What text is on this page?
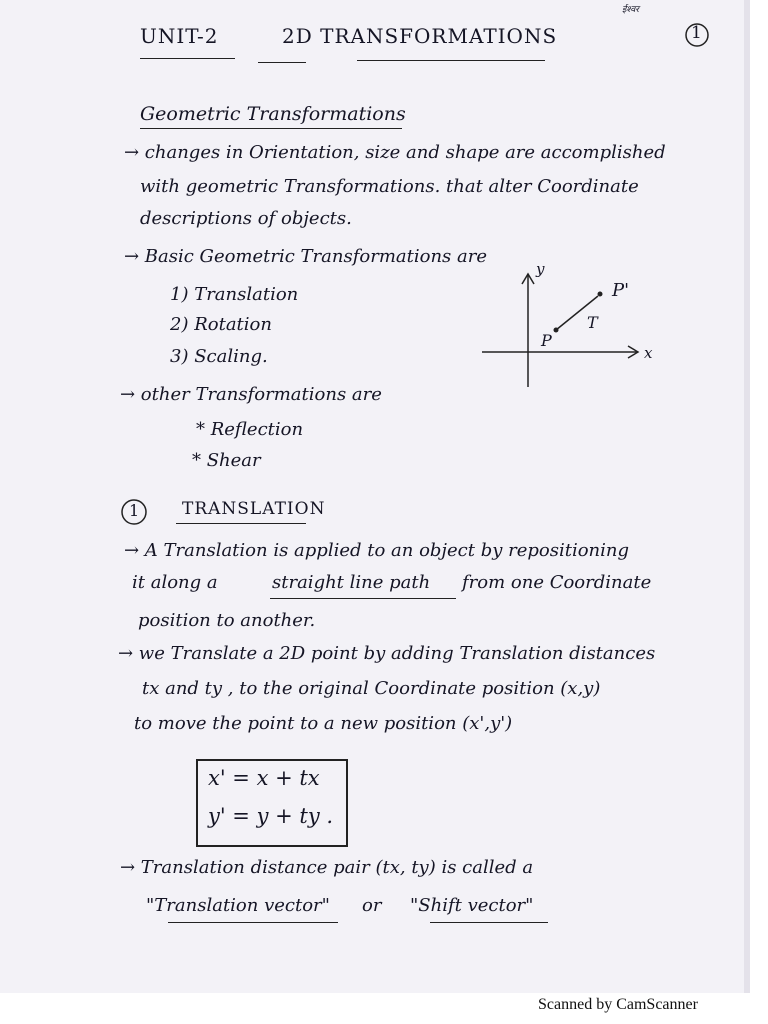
UNIT-2	2D TRANSFORMATIONS
ईश्वर
1
Geometric Transformations
→ changes in Orientation, size and shape are accomplished
with geometric Transformations. that alter Coordinate
descriptions of objects.
→ Basic Geometric Transformations are
1) Translation
2) Rotation
3) Scaling.
→ other Transformations are
* Reflection
* Shear
y
x
P
P'
T
1	TRANSLATION
→ A Translation is applied to an object by repositioning
it along a	straight line path from one Coordinate
position to another.
→ we Translate a 2D point by adding Translation distances
tx and ty , to the original Coordinate position (x,y)
to move the point to a new position (x',y')
x' = x + tx
y' = y + ty .
→ Translation distance pair (tx, ty) is called a
"Translation vector" or "Shift vector"
Scanned by CamScanner
